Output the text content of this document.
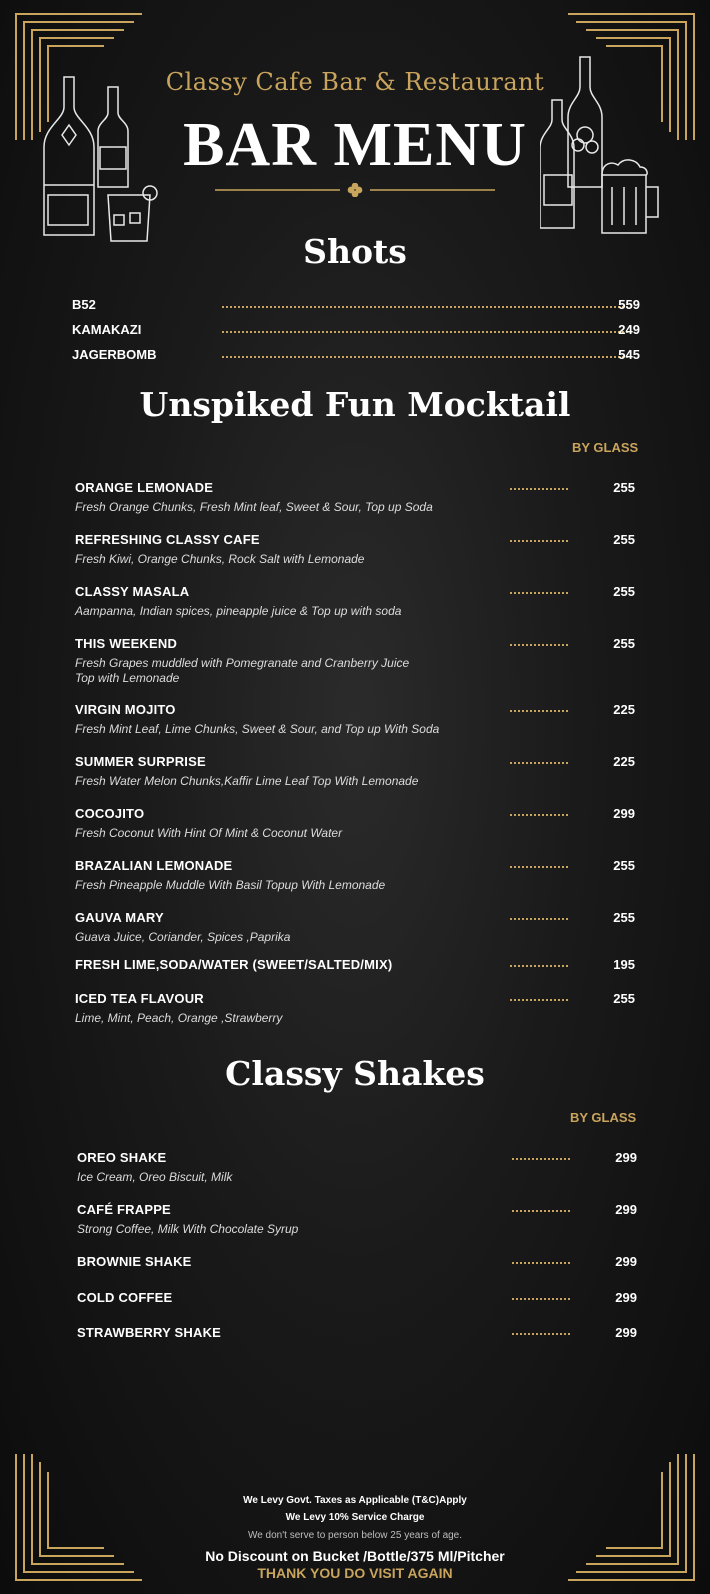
Classy Cafe Bar & Restaurant
BAR MENU
Shots
B52	559
KAMAKAZI	249
JAGERBOMB	545
Unspiked Fun Mocktail
BY GLASS
ORANGE LEMONADE
Fresh Orange Chunks, Fresh Mint leaf, Sweet & Sour, Top up Soda
255
REFRESHING CLASSY CAFE
Fresh Kiwi, Orange Chunks, Rock Salt with Lemonade
255
CLASSY MASALA
Aampanna, Indian spices, pineapple juice & Top up with soda
255
THIS WEEKEND
Fresh Grapes muddled with Pomegranate and Cranberry Juice
Top with Lemonade
255
VIRGIN MOJITO
Fresh Mint Leaf, Lime Chunks, Sweet & Sour, and Top up With Soda
225
SUMMER SURPRISE
Fresh Water Melon Chunks,Kaffir Lime Leaf Top With Lemonade
225
COCOJITO
Fresh Coconut With Hint Of Mint & Coconut Water
299
BRAZALIAN LEMONADE
Fresh Pineapple Muddle With Basil Topup With Lemonade
255
GAUVA MARY
Guava Juice, Coriander, Spices ,Paprika
255
FRESH LIME,SODA/WATER (SWEET/SALTED/MIX)	195
ICED TEA FLAVOUR
Lime, Mint, Peach, Orange ,Strawberry
255
Classy Shakes
BY GLASS
OREO SHAKE
Ice Cream, Oreo Biscuit, Milk
299
CAFÉ FRAPPE
Strong Coffee, Milk With Chocolate Syrup
299
BROWNIE SHAKE	299
COLD COFFEE	299
STRAWBERRY SHAKE	299
We Levy Govt. Taxes as Applicable (T&C)Apply
We Levy 10% Service Charge
We don't serve to person below 25 years of age.
No Discount on Bucket /Bottle/375 Ml/Pitcher
THANK YOU DO VISIT AGAIN
